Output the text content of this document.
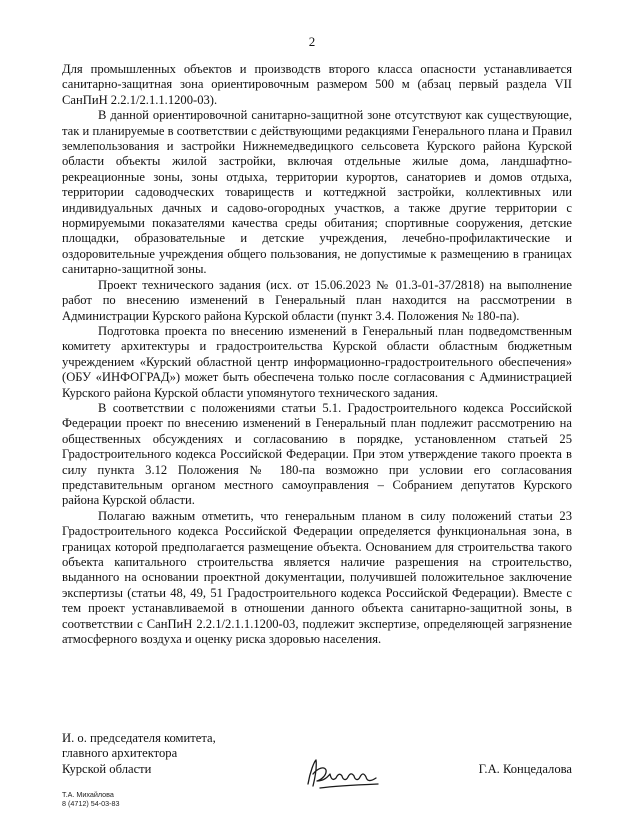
2

Для промышленных объектов и производств второго класса опасности устанавливается санитарно-защитная зона ориентировочным размером 500 м (абзац первый раздела VII СанПиН 2.2.1/2.1.1.1200-03).

В данной ориентировочной санитарно-защитной зоне отсутствуют как существующие, так и планируемые в соответствии с действующими редакциями Генерального плана и Правил землепользования и застройки Нижнемедведицкого сельсовета Курского района Курской области объекты жилой застройки, включая отдельные жилые дома, ландшафтно-рекреационные зоны, зоны отдыха, территории курортов, санаториев и домов отдыха, территории садоводческих товариществ и коттеджной застройки, коллективных или индивидуальных дачных и садово-огородных участков, а также другие территории с нормируемыми показателями качества среды обитания; спортивные сооружения, детские площадки, образовательные и детские учреждения, лечебно-профилактические и оздоровительные учреждения общего пользования, не допустимые к размещению в границах санитарно-защитной зоны.

Проект технического задания (исх. от 15.06.2023 № 01.3-01-37/2818) на выполнение работ по внесению изменений в Генеральный план находится на рассмотрении в Администрации Курского района Курской области (пункт 3.4. Положения № 180-па).

Подготовка проекта по внесению изменений в Генеральный план подведомственным комитету архитектуры и градостроительства Курской области областным бюджетным учреждением «Курский областной центр информационно-градостроительного обеспечения» (ОБУ «ИНФОГРАД») может быть обеспечена только после согласования с Администрацией Курского района Курской области упомянутого технического задания.

В соответствии с положениями статьи 5.1. Градостроительного кодекса Российской Федерации проект по внесению изменений в Генеральный план подлежит рассмотрению на общественных обсуждениях и согласованию в порядке, установленном статьей 25 Градостроительного кодекса Российской Федерации. При этом утверждение такого проекта в силу пункта 3.12 Положения № 180-па возможно при условии его согласования представительным органом местного самоуправления – Собранием депутатов Курского района Курской области.

Полагаю важным отметить, что генеральным планом в силу положений статьи 23 Градостроительного кодекса Российской Федерации определяется функциональная зона, в границах которой предполагается размещение объекта. Основанием для строительства такого объекта капитального строительства является наличие разрешения на строительство, выданного на основании проектной документации, получившей положительное заключение экспертизы (статьи 48, 49, 51 Градостроительного кодекса Российской Федерации). Вместе с тем проект устанавливаемой в отношении данного объекта санитарно-защитной зоны, в соответствии с СанПиН 2.2.1/2.1.1.1200-03, подлежит экспертизе, определяющей загрязнение атмосферного воздуха и оценку риска здоровью населения.

И. о. председателя комитета,
главного архитектора
Курской области	Г.А. Концедалова
Т.А. Михайлова
8 (4712) 54-03-83
